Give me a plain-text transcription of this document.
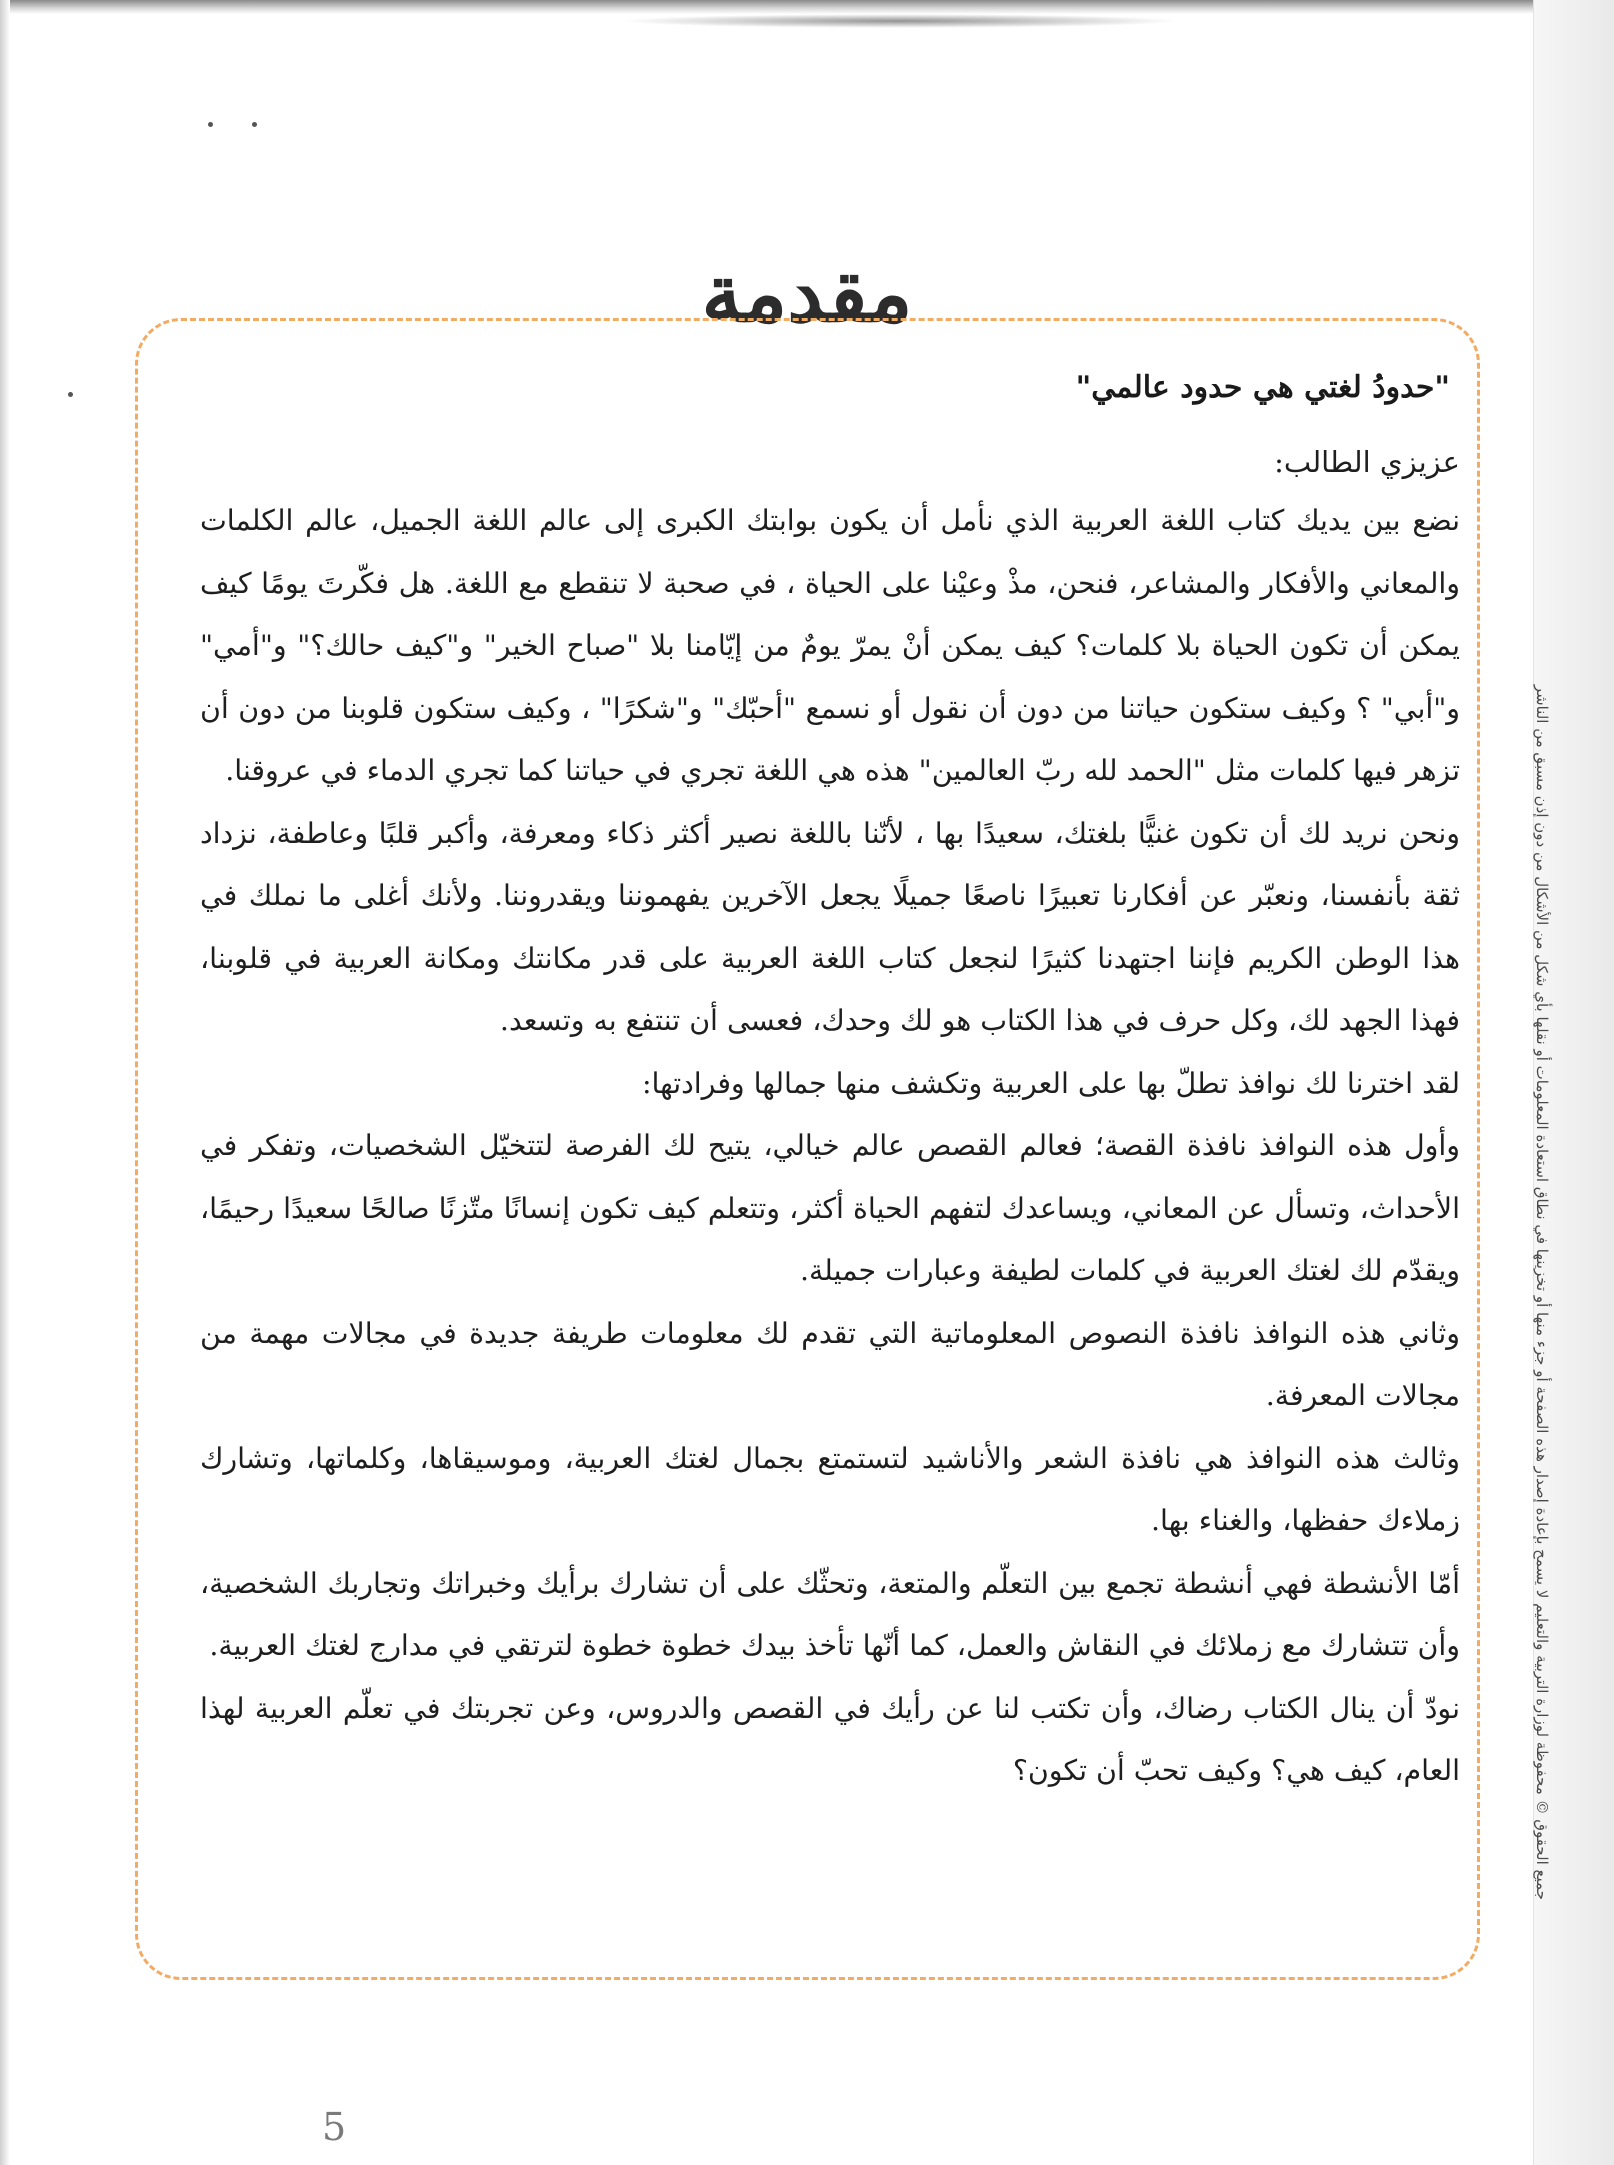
جميع الحقوق © محفوظة لوزارة التربية والتعليم لا يسمح بإعادة إصدار هذه الصفحة أو جزء منها أو تخزينها في نطاق استعادة المعلومات أو نقلها بأي شكل من الأشكال من دون إذن مسبق من الناشر
مقدمة
"حدودُ لغتي هي حدود عالمي"
عزيزي الطالب:

نضع بين يديك كتاب اللغة العربية الذي نأمل أن يكون بوابتك الكبرى إلى عالم اللغة الجميل، عالم الكلمات والمعاني والأفكار والمشاعر، فنحن، مذْ وعيْنا على الحياة ، في صحبة لا تنقطع مع اللغة. هل فكّرتَ يومًا كيف يمكن أن تكون الحياة بلا كلمات؟ كيف يمكن أنْ يمرّ يومٌ من إيّامنا بلا "صباح الخير" و"كيف حالك؟" و"أمي" و"أبي" ؟ وكيف ستكون حياتنا من دون أن نقول أو نسمع "أحبّك" و"شكرًا" ، وكيف ستكون قلوبنا من دون أن تزهر فيها كلمات مثل "الحمد لله ربّ العالمين" هذه هي اللغة تجري في حياتنا كما تجري الدماء في عروقنا.

ونحن نريد لك أن تكون غنيًّا بلغتك، سعيدًا بها ، لأنّنا باللغة نصير أكثر ذكاء ومعرفة، وأكبر قلبًا وعاطفة، نزداد ثقة بأنفسنا، ونعبّر عن أفكارنا تعبيرًا ناصعًا جميلًا يجعل الآخرين يفهموننا ويقدروننا. ولأنك أغلى ما نملك في هذا الوطن الكريم فإننا اجتهدنا كثيرًا لنجعل كتاب اللغة العربية على قدر مكانتك ومكانة العربية في قلوبنا، فهذا الجهد لك، وكل حرف في هذا الكتاب هو لك وحدك، فعسى أن تنتفع به وتسعد.

لقد اخترنا لك نوافذ تطلّ بها على العربية وتكشف منها جمالها وفرادتها:

وأول هذه النوافذ نافذة القصة؛ فعالم القصص عالم خيالي، يتيح لك الفرصة لتتخيّل الشخصيات، وتفكر في الأحداث، وتسأل عن المعاني، ويساعدك لتفهم الحياة أكثر، وتتعلم كيف تكون إنسانًا متّزنًا صالحًا سعيدًا رحيمًا، ويقدّم لك لغتك العربية في كلمات لطيفة وعبارات جميلة.

وثاني هذه النوافذ نافذة النصوص المعلوماتية التي تقدم لك معلومات طريفة جديدة في مجالات مهمة من مجالات المعرفة.

وثالث هذه النوافذ هي نافذة الشعر والأناشيد لتستمتع بجمال لغتك العربية، وموسيقاها، وكلماتها، وتشارك زملاءك حفظها، والغناء بها.

أمّا الأنشطة فهي أنشطة تجمع بين التعلّم والمتعة، وتحثّك على أن تشارك برأيك وخبراتك وتجاربك الشخصية، وأن تتشارك مع زملائك في النقاش والعمل، كما أنّها تأخذ بيدك خطوة خطوة لترتقي في مدارج لغتك العربية.

نودّ أن ينال الكتاب رضاك، وأن تكتب لنا عن رأيك في القصص والدروس، وعن تجربتك في تعلّم العربية لهذا العام، كيف هي؟ وكيف تحبّ أن تكون؟

5
